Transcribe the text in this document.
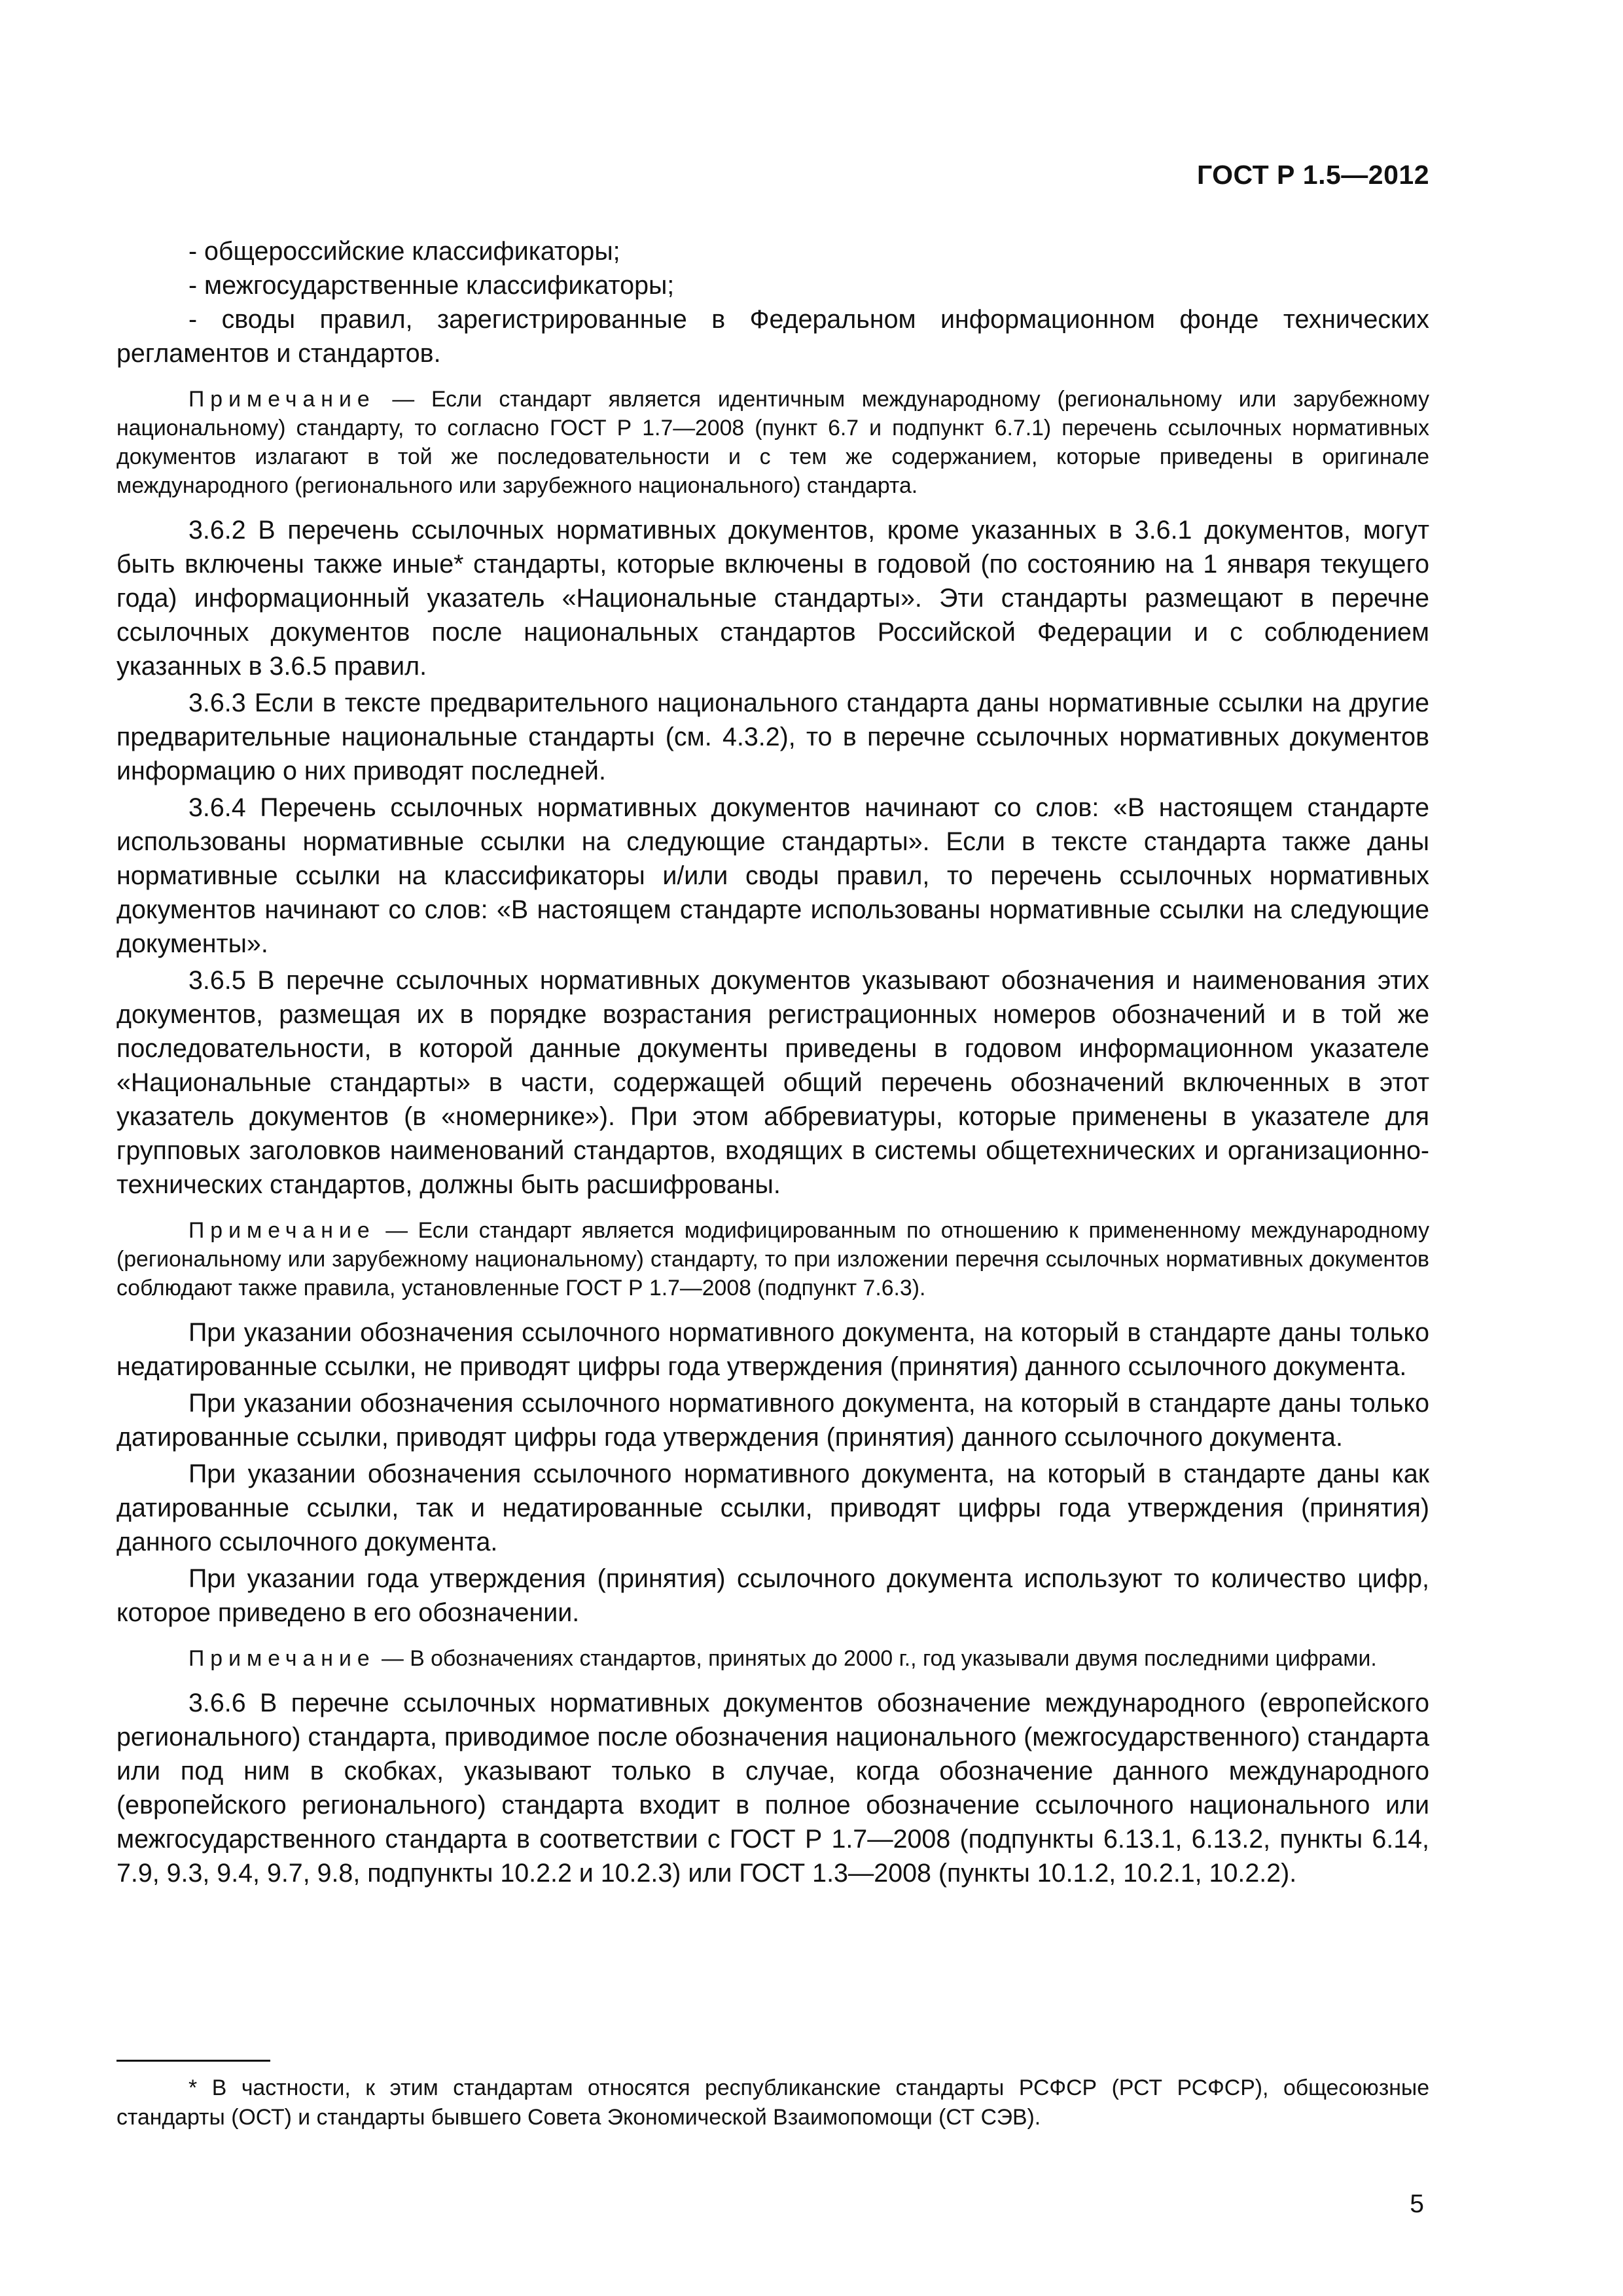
ГОСТ Р 1.5—2012

- общероссийские классификаторы;

- межгосударственные классификаторы;

- своды правил, зарегистрированные в Федеральном информационном фонде технических регламентов и стандартов.

Примечание — Если стандарт является идентичным международному (региональному или зарубежному национальному) стандарту, то согласно ГОСТ Р 1.7—2008 (пункт 6.7 и подпункт 6.7.1) перечень ссылочных нормативных документов излагают в той же последовательности и с тем же содержанием, которые приведены в оригинале международного (регионального или зарубежного национального) стандарта.

3.6.2 В перечень ссылочных нормативных документов, кроме указанных в 3.6.1 документов, могут быть включены также иные* стандарты, которые включены в годовой (по состоянию на 1 января текущего года) информационный указатель «Национальные стандарты». Эти стандарты размещают в перечне ссылочных документов после национальных стандартов Российской Федерации и с соблюдением указанных в 3.6.5 правил.

3.6.3 Если в тексте предварительного национального стандарта даны нормативные ссылки на другие предварительные национальные стандарты (см. 4.3.2), то в перечне ссылочных нормативных документов информацию о них приводят последней.

3.6.4 Перечень ссылочных нормативных документов начинают со слов: «В настоящем стандарте использованы нормативные ссылки на следующие стандарты». Если в тексте стандарта также даны нормативные ссылки на классификаторы и/или своды правил, то перечень ссылочных нормативных документов начинают со слов: «В настоящем стандарте использованы нормативные ссылки на следующие документы».

3.6.5 В перечне ссылочных нормативных документов указывают обозначения и наименования этих документов, размещая их в порядке возрастания регистрационных номеров обозначений и в той же последовательности, в которой данные документы приведены в годовом информационном указателе «Национальные стандарты» в части, содержащей общий перечень обозначений включенных в этот указатель документов (в «номернике»). При этом аббревиатуры, которые применены в указателе для групповых заголовков наименований стандартов, входящих в системы общетехнических и организационно-технических стандартов, должны быть расшифрованы.

Примечание — Если стандарт является модифицированным по отношению к примененному международному (региональному или зарубежному национальному) стандарту, то при изложении перечня ссылочных нормативных документов соблюдают также правила, установленные ГОСТ Р 1.7—2008 (подпункт 7.6.3).

При указании обозначения ссылочного нормативного документа, на который в стандарте даны только недатированные ссылки, не приводят цифры года утверждения (принятия) данного ссылочного документа.

При указании обозначения ссылочного нормативного документа, на который в стандарте даны только датированные ссылки, приводят цифры года утверждения (принятия) данного ссылочного документа.

При указании обозначения ссылочного нормативного документа, на который в стандарте даны как датированные ссылки, так и недатированные ссылки, приводят цифры года утверждения (принятия) данного ссылочного документа.

При указании года утверждения (принятия) ссылочного документа используют то количество цифр, которое приведено в его обозначении.

Примечание — В обозначениях стандартов, принятых до 2000 г., год указывали двумя последними цифрами.

3.6.6 В перечне ссылочных нормативных документов обозначение международного (европейского регионального) стандарта, приводимое после обозначения национального (межгосударственного) стандарта или под ним в скобках, указывают только в случае, когда обозначение данного международного (европейского регионального) стандарта входит в полное обозначение ссылочного национального или межгосударственного стандарта в соответствии с ГОСТ Р 1.7—2008 (подпункты 6.13.1, 6.13.2, пункты 6.14, 7.9, 9.3, 9.4, 9.7, 9.8, подпункты 10.2.2 и 10.2.3) или ГОСТ 1.3—2008 (пункты 10.1.2, 10.2.1, 10.2.2).

* В частности, к этим стандартам относятся республиканские стандарты РСФСР (РСТ РСФСР), общесоюзные стандарты (ОСТ) и стандарты бывшего Совета Экономической Взаимопомощи (СТ СЭВ).

5
